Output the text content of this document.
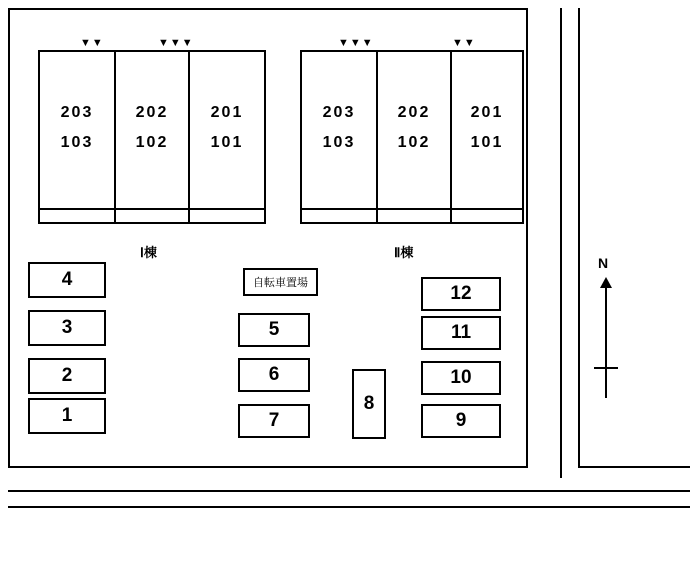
▼▼	▼▼▼
203
103
202
102
201
101
Ⅰ棟
▼▼▼	▼▼
203
103
202
102
201
101
Ⅱ棟
自転車置場
4
3
2
1
5
6
7
8
12
11
10
9
N
